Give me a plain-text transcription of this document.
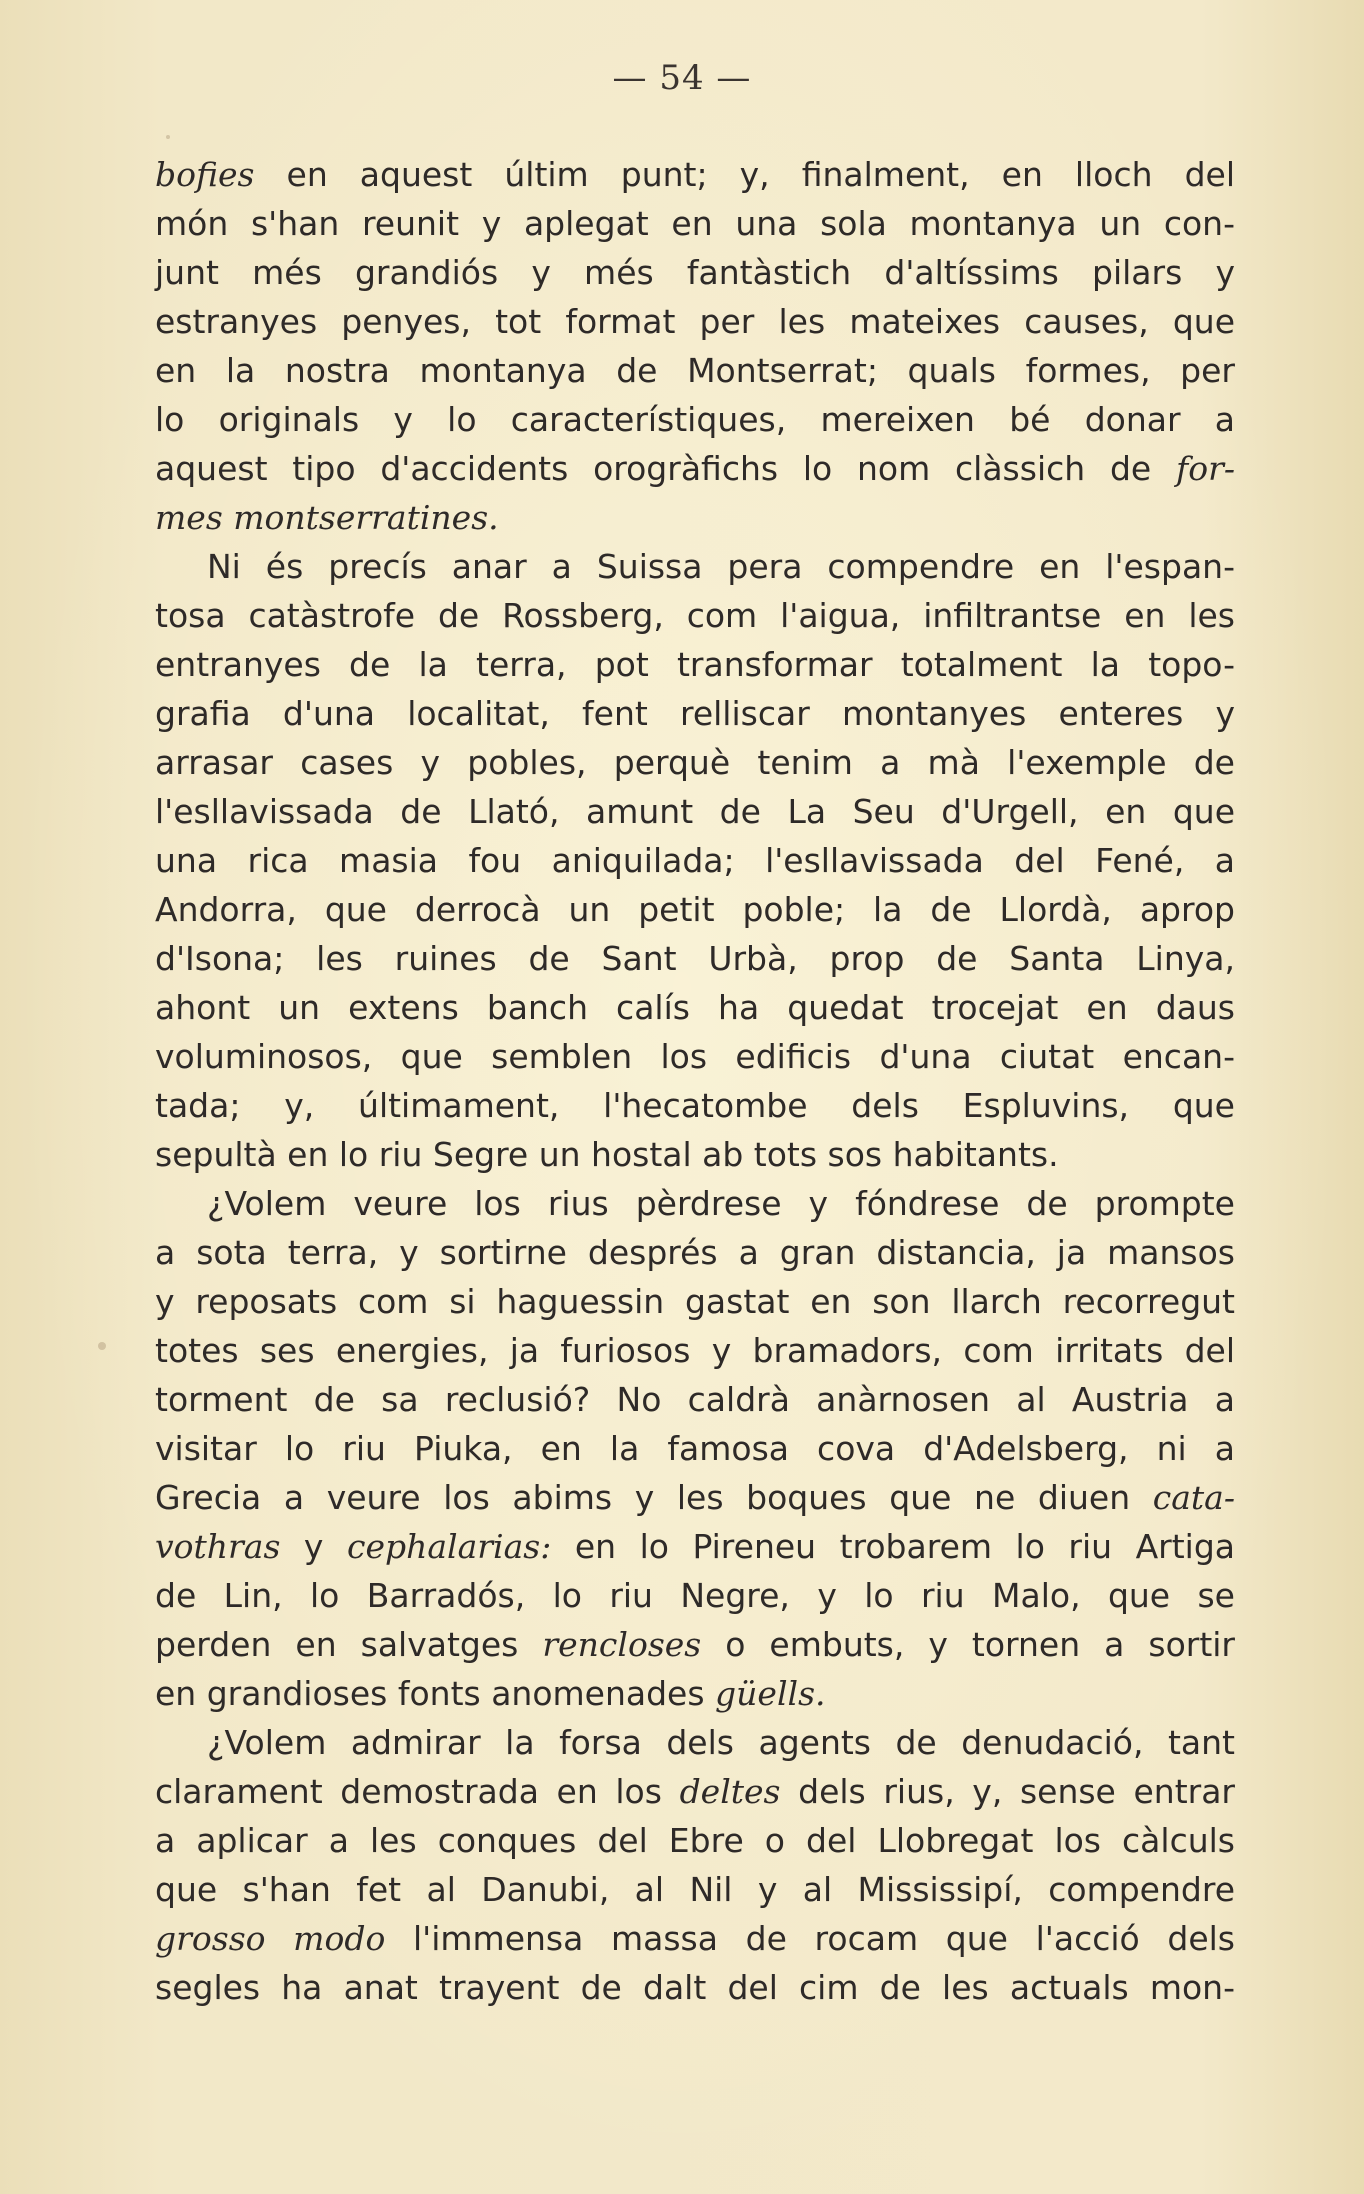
— 54 —
bofies en aquest últim punt; y, finalment, en lloch del
món s'han reunit y aplegat en una sola montanya un con-
junt més grandiós y més fantàstich d'altíssims pilars y
estranyes penyes, tot format per les mateixes causes, que
en la nostra montanya de Montserrat; quals formes, per
lo originals y lo característiques, mereixen bé donar a
aquest tipo d'accidents orogràfichs lo nom clàssich de for-
mes montserratines.
Ni és precís anar a Suissa pera compendre en l'espan-
tosa catàstrofe de Rossberg, com l'aigua, infiltrantse en les
entranyes de la terra, pot transformar totalment la topo-
grafia d'una localitat, fent relliscar montanyes enteres y
arrasar cases y pobles, perquè tenim a mà l'exemple de
l'esllavissada de Llató, amunt de La Seu d'Urgell, en que
una rica masia fou aniquilada; l'esllavissada del Fené, a
Andorra, que derrocà un petit poble; la de Llordà, aprop
d'Isona; les ruines de Sant Urbà, prop de Santa Linya,
ahont un extens banch calís ha quedat trocejat en daus
voluminosos, que semblen los edificis d'una ciutat encan-
tada; y, últimament, l'hecatombe dels Espluvins, que
sepultà en lo riu Segre un hostal ab tots sos habitants.
¿Volem veure los rius pèrdrese y fóndrese de prompte
a sota terra, y sortirne després a gran distancia, ja mansos
y reposats com si haguessin gastat en son llarch recorregut
totes ses energies, ja furiosos y bramadors, com irritats del
torment de sa reclusió? No caldrà anàrnosen al Austria a
visitar lo riu Piuka, en la famosa cova d'Adelsberg, ni a
Grecia a veure los abims y les boques que ne diuen cata-
vothras y cephalarias: en lo Pireneu trobarem lo riu Artiga
de Lin, lo Barradós, lo riu Negre, y lo riu Malo, que se
perden en salvatges rencloses o embuts, y tornen a sortir
en grandioses fonts anomenades güells.
¿Volem admirar la forsa dels agents de denudació, tant
clarament demostrada en los deltes dels rius, y, sense entrar
a aplicar a les conques del Ebre o del Llobregat los càlculs
que s'han fet al Danubi, al Nil y al Mississipí, compendre
grosso modo l'immensa massa de rocam que l'acció dels
segles ha anat trayent de dalt del cim de les actuals mon-
